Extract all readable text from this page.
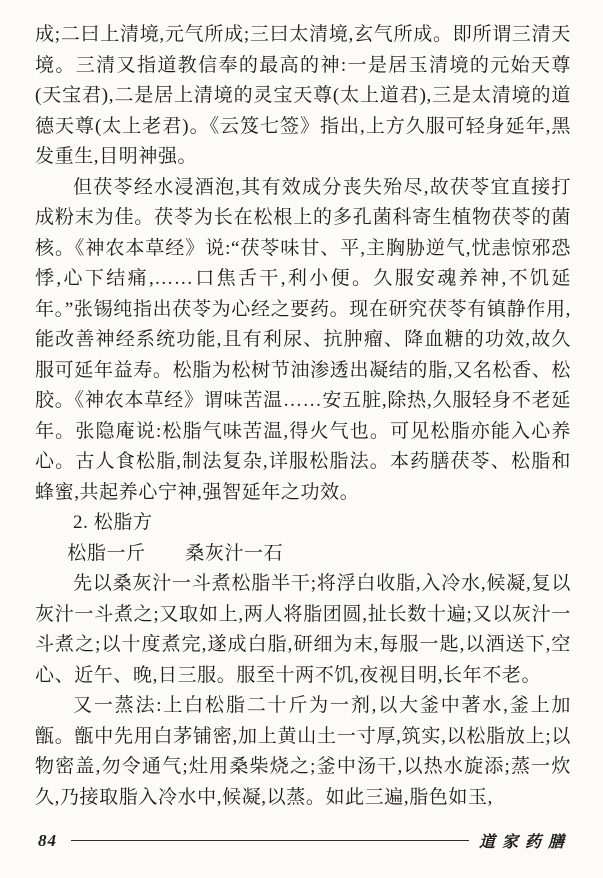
成;二曰上清境,元气所成;三曰太清境,玄气所成。即所谓三清天境。三清又指道教信奉的最高的神:一是居玉清境的元始天尊(天宝君),二是居上清境的灵宝天尊(太上道君),三是太清境的道德天尊(太上老君)。《云笈七签》指出,上方久服可轻身延年,黑发重生,目明神强。

但茯苓经水浸酒泡,其有效成分丧失殆尽,故茯苓宜直接打成粉末为佳。茯苓为长在松根上的多孔菌科寄生植物茯苓的菌核。《神农本草经》说:“茯苓味甘、平,主胸胁逆气,忧恚惊邪恐悸,心下结痛,……口焦舌干,利小便。久服安魂养神,不饥延年。”张锡纯指出茯苓为心经之要药。现在研究茯苓有镇静作用,能改善神经系统功能,且有利尿、抗肿瘤、降血糖的功效,故久服可延年益寿。松脂为松树节油渗透出凝结的脂,又名松香、松胶。《神农本草经》谓味苦温……安五脏,除热,久服轻身不老延年。张隐庵说:松脂气味苦温,得火气也。可见松脂亦能入心养心。古人食松脂,制法复杂,详服松脂法。本药膳茯苓、松脂和蜂蜜,共起养心宁神,强智延年之功效。

2. 松脂方

松脂一斤 桑灰汁一石

先以桑灰汁一斗煮松脂半干;将浮白收脂,入冷水,候凝,复以灰汁一斗煮之;又取如上,两人将脂团圆,扯长数十遍;又以灰汁一斗煮之;以十度煮完,遂成白脂,研细为末,每服一匙,以酒送下,空心、近午、晚,日三服。服至十两不饥,夜视目明,长年不老。

又一蒸法:上白松脂二十斤为一剂,以大釜中著水,釜上加甑。甑中先用白茅铺密,加上黄山土一寸厚,筑实,以松脂放上;以物密盖,勿令通气;灶用桑柴烧之;釜中汤干,以热水旋添;蒸一炊久,乃接取脂入冷水中,候凝,以蒸。如此三遍,脂色如玉,

84	道家药膳
